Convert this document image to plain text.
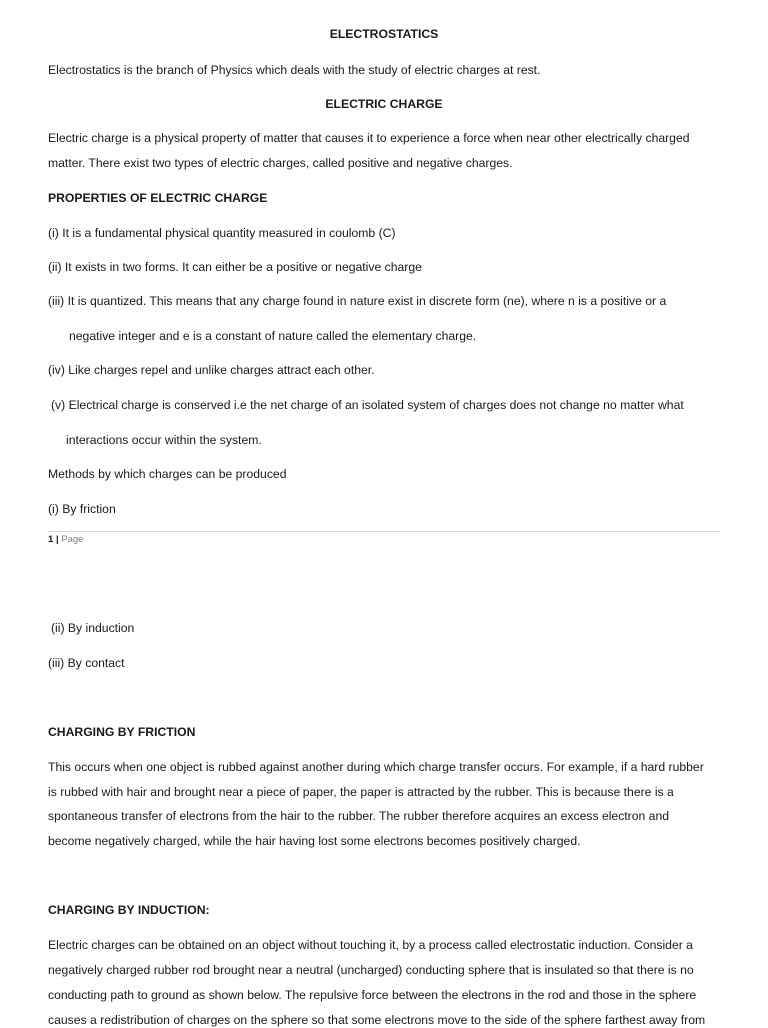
ELECTROSTATICS
Electrostatics is the branch of Physics which deals with the study of electric charges at rest.
ELECTRIC CHARGE
Electric charge is a physical property of matter that causes it to experience a force when near other electrically charged
matter. There exist two types of electric charges, called positive and negative charges.
PROPERTIES OF ELECTRIC CHARGE
(i) It is a fundamental physical quantity measured in coulomb (C)
(ii) It exists in two forms. It can either be a positive or negative charge
(iii) It is quantized. This means that any charge found in nature exist in discrete form (ne), where n is a positive or a
negative integer and e is a constant of nature called the elementary charge.
(iv) Like charges repel and unlike charges attract each other.
(v) Electrical charge is conserved i.e the net charge of an isolated system of charges does not change no matter what
interactions occur within the system.
Methods by which charges can be produced
(i) By friction
1 | Page
(ii) By induction
(iii) By contact
CHARGING BY FRICTION
This occurs when one object is rubbed against another during which charge transfer occurs. For example, if a hard rubber
is rubbed with hair and brought near a piece of paper, the paper is attracted by the rubber. This is because there is a
spontaneous transfer of electrons from the hair to the rubber. The rubber therefore acquires an excess electron and
become negatively charged, while the hair having lost some electrons becomes positively charged.
CHARGING BY INDUCTION:
Electric charges can be obtained on an object without touching it, by a process called electrostatic induction. Consider a
negatively charged rubber rod brought near a neutral (uncharged) conducting sphere that is insulated so that there is no
conducting path to ground as shown below. The repulsive force between the electrons in the rod and those in the sphere
causes a redistribution of charges on the sphere so that some electrons move to the side of the sphere farthest away from
